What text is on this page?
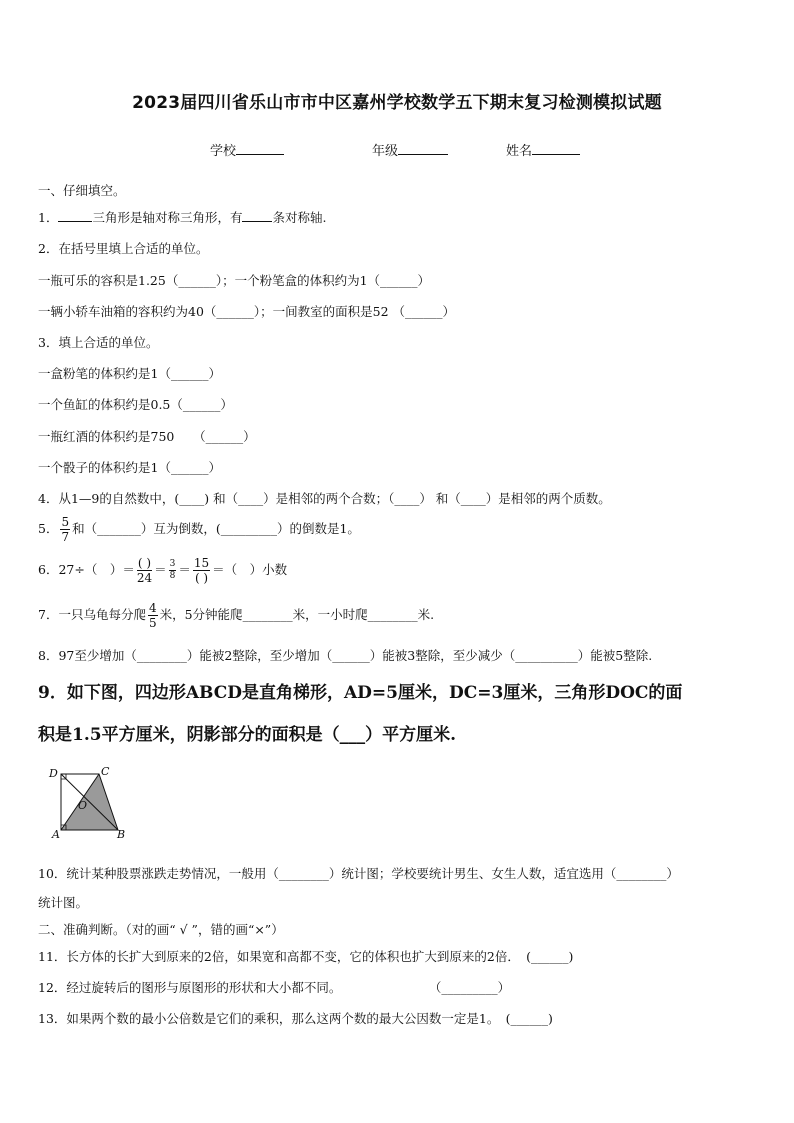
2023届四川省乐山市市中区嘉州学校数学五下期末复习检测模拟试题
学校	年级	姓名
一、仔细填空。
1．	三角形是轴对称三角形，有 条对称轴.
2．在括号里填上合适的单位。
一瓶可乐的容积是1.25（______）；一个粉笔盒的体积约为1（______）
一辆小轿车油箱的容积约为40（______）；一间教室的面积是52 （______）
3．填上合适的单位。
一盒粉笔的体积约是1（______）
一个鱼缸的体积约是0.5（______）
一瓶红酒的体积约是750　　（______）
一个骰子的体积约是1（______）
4．从1—9的自然数中，(____) 和（____）是相邻的两个合数；（____） 和（____）是相邻的两个质数。
5． $\frac{5}{7}$ 和（_______）互为倒数，(_________）的倒数是1。
6．27÷（　）＝ $\frac{( )}{24} = \frac{3}{8} = \frac{15}{( )}$ ＝（　）小数
7．一只乌龟每分爬 $\frac{4}{5}$ 米，5分钟能爬________米，一小时爬________米.
8．97至少增加（________）能被2整除，至少增加（______）能被3整除，至少减少（__________）能被5整除.
9．如下图，四边形ABCD是直角梯形，AD=5厘米，DC=3厘米，三角形DOC的面
积是1.5平方厘米，阴影部分的面积是（___）平方厘米.
D	C
O
A	B
10．统计某种股票涨跌走势情况，一般用（________）统计图；学校要统计男生、女生人数，适宜选用（________）
统计图。
二、准确判断。（对的画“ √ ”，错的画“×”）
11．长方体的长扩大到原来的2倍，如果宽和高都不变，它的体积也扩大到原来的2倍．　(______)
12．经过旋转后的图形与原图形的形状和大小都不同。　　　　　　　　（_________）
13．如果两个数的最小公倍数是它们的乘积，那么这两个数的最大公因数一定是1。　(______)
